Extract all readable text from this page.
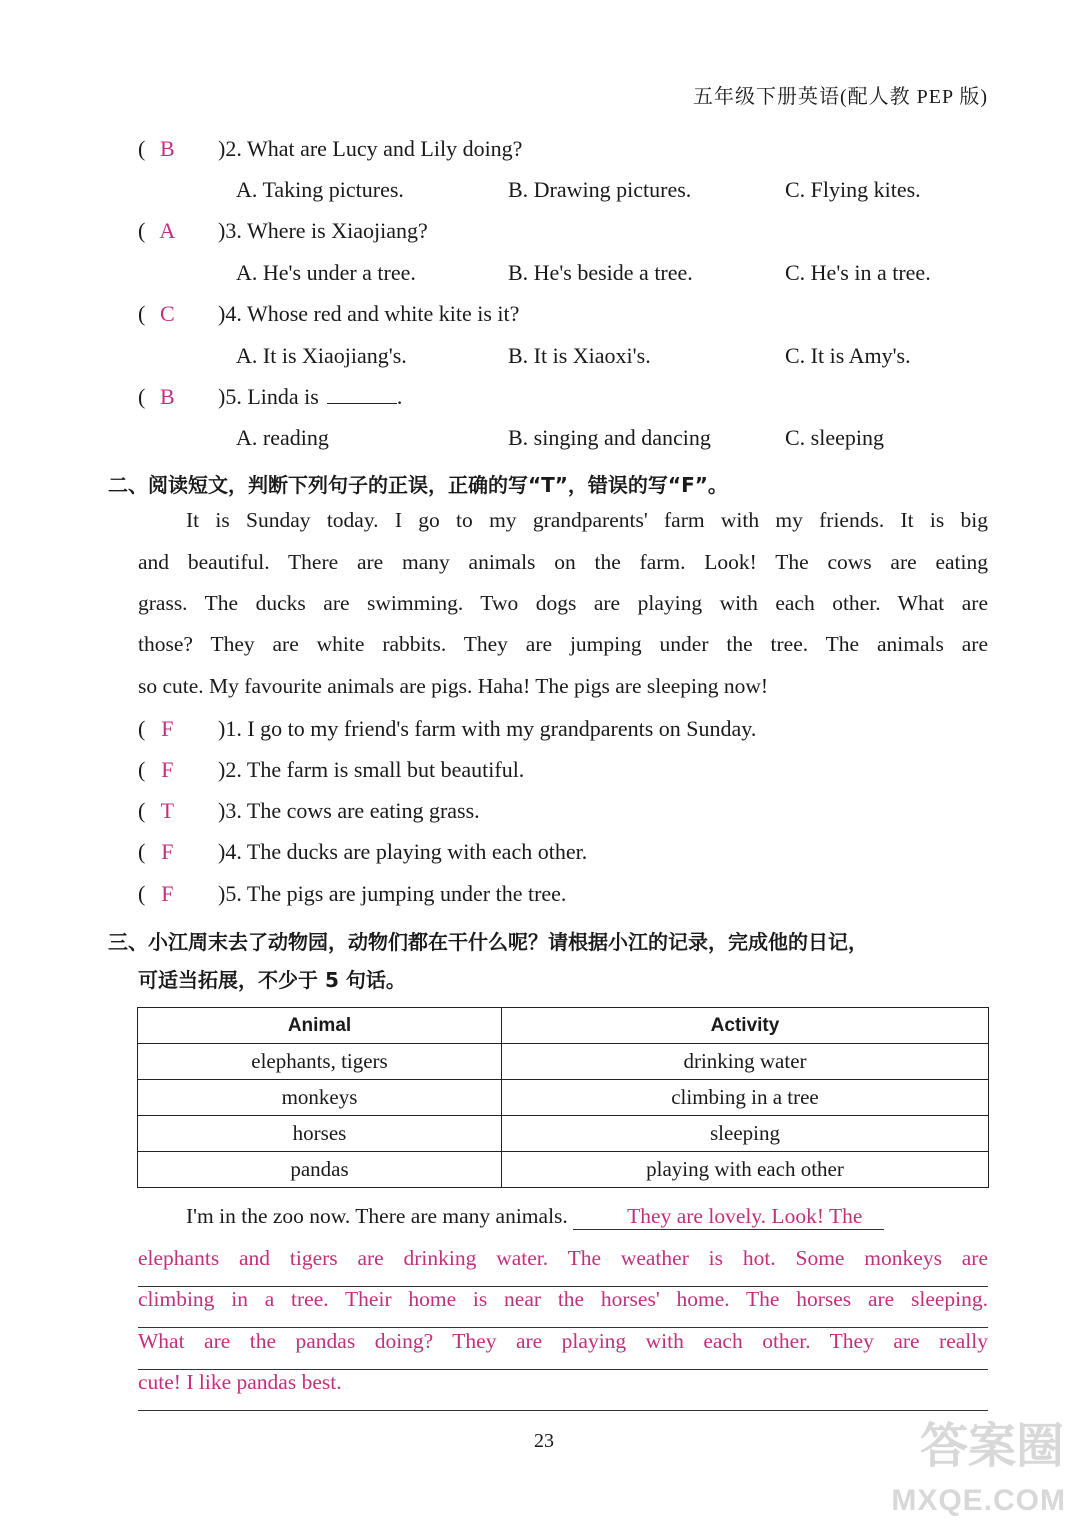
五年级下册英语(配人教 PEP 版)
( B )2. What are Lucy and Lily doing?
A. Taking pictures.	B. Drawing pictures.	C. Flying kites.
( A )3. Where is Xiaojiang?
A. He's under a tree.	B. He's beside a tree.	C. He's in a tree.
( C )4. Whose red and white kite is it?
A. It is Xiaojiang's.	B. It is Xiaoxi's.	C. It is Amy's.
( B )5. Linda is	.
A. reading	B. singing and dancing	C. sleeping
二、阅读短文，判断下列句子的正误，正确的写“T”，错误的写“F”。
It is Sunday today. I go to my grandparents' farm with my friends. It is big
and beautiful. There are many animals on the farm. Look! The cows are eating
grass. The ducks are swimming. Two dogs are playing with each other. What are
those? They are white rabbits. They are jumping under the tree. The animals are
so cute. My favourite animals are pigs. Haha! The pigs are sleeping now!
( F )1. I go to my friend's farm with my grandparents on Sunday.
( F )2. The farm is small but beautiful.
( T )3. The cows are eating grass.
( F )4. The ducks are playing with each other.
( F )5. The pigs are jumping under the tree.
三、小江周末去了动物园，动物们都在干什么呢？请根据小江的记录，完成他的日记，
可适当拓展，不少于 5 句话。
Animal	Activity
elephants, tigers	drinking water
monkeys	climbing in a tree
horses	sleeping
pandas	playing with each other
I'm in the zoo now. There are many animals.	They are lovely. Look! The
elephants and tigers are drinking water. The weather is hot. Some monkeys are
climbing in a tree. Their home is near the horses' home. The horses are sleeping.
What are the pandas doing? They are playing with each other. They are really
cute! I like pandas best.
23	答案圈
MXQE.COM
